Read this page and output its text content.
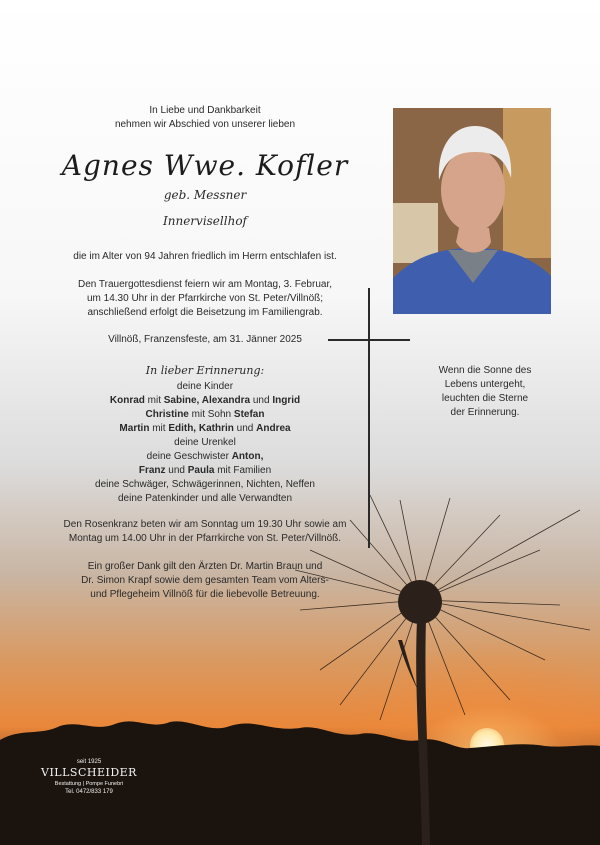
In Liebe und Dankbarkeit
nehmen wir Abschied von unserer lieben
Agnes Wwe. Kofler
geb. Messner
Innervisellhof
die im Alter von 94 Jahren friedlich im Herrn entschlafen ist.
Den Trauergottesdienst feiern wir am Montag, 3. Februar,
um 14.30 Uhr in der Pfarrkirche von St. Peter/Villnöß;
anschließend erfolgt die Beisetzung im Familiengrab.
Villnöß, Franzensfeste, am 31. Jänner 2025
In lieber Erinnerung:
deine Kinder
Konrad mit Sabine, Alexandra und Ingrid
Christine mit Sohn Stefan
Martin mit Edith, Kathrin und Andrea
deine Urenkel
deine Geschwister Anton,
Franz und Paula mit Familien
deine Schwäger, Schwägerinnen, Nichten, Neffen
deine Patenkinder und alle Verwandten
Den Rosenkranz beten wir am Sonntag um 19.30 Uhr sowie am
Montag um 14.00 Uhr in der Pfarrkirche von St. Peter/Villnöß.
Ein großer Dank gilt den Ärzten Dr. Martin Braun und
Dr. Simon Krapf sowie dem gesamten Team vom Alters-
und Pflegeheim Villnöß für die liebevolle Betreuung.
Wenn die Sonne des
Lebens untergeht,
leuchten die Sterne
der Erinnerung.
seit 1925
VILLSCHEIDER
Bestattung | Pompe Funebri
Tel. 0472/833 179
